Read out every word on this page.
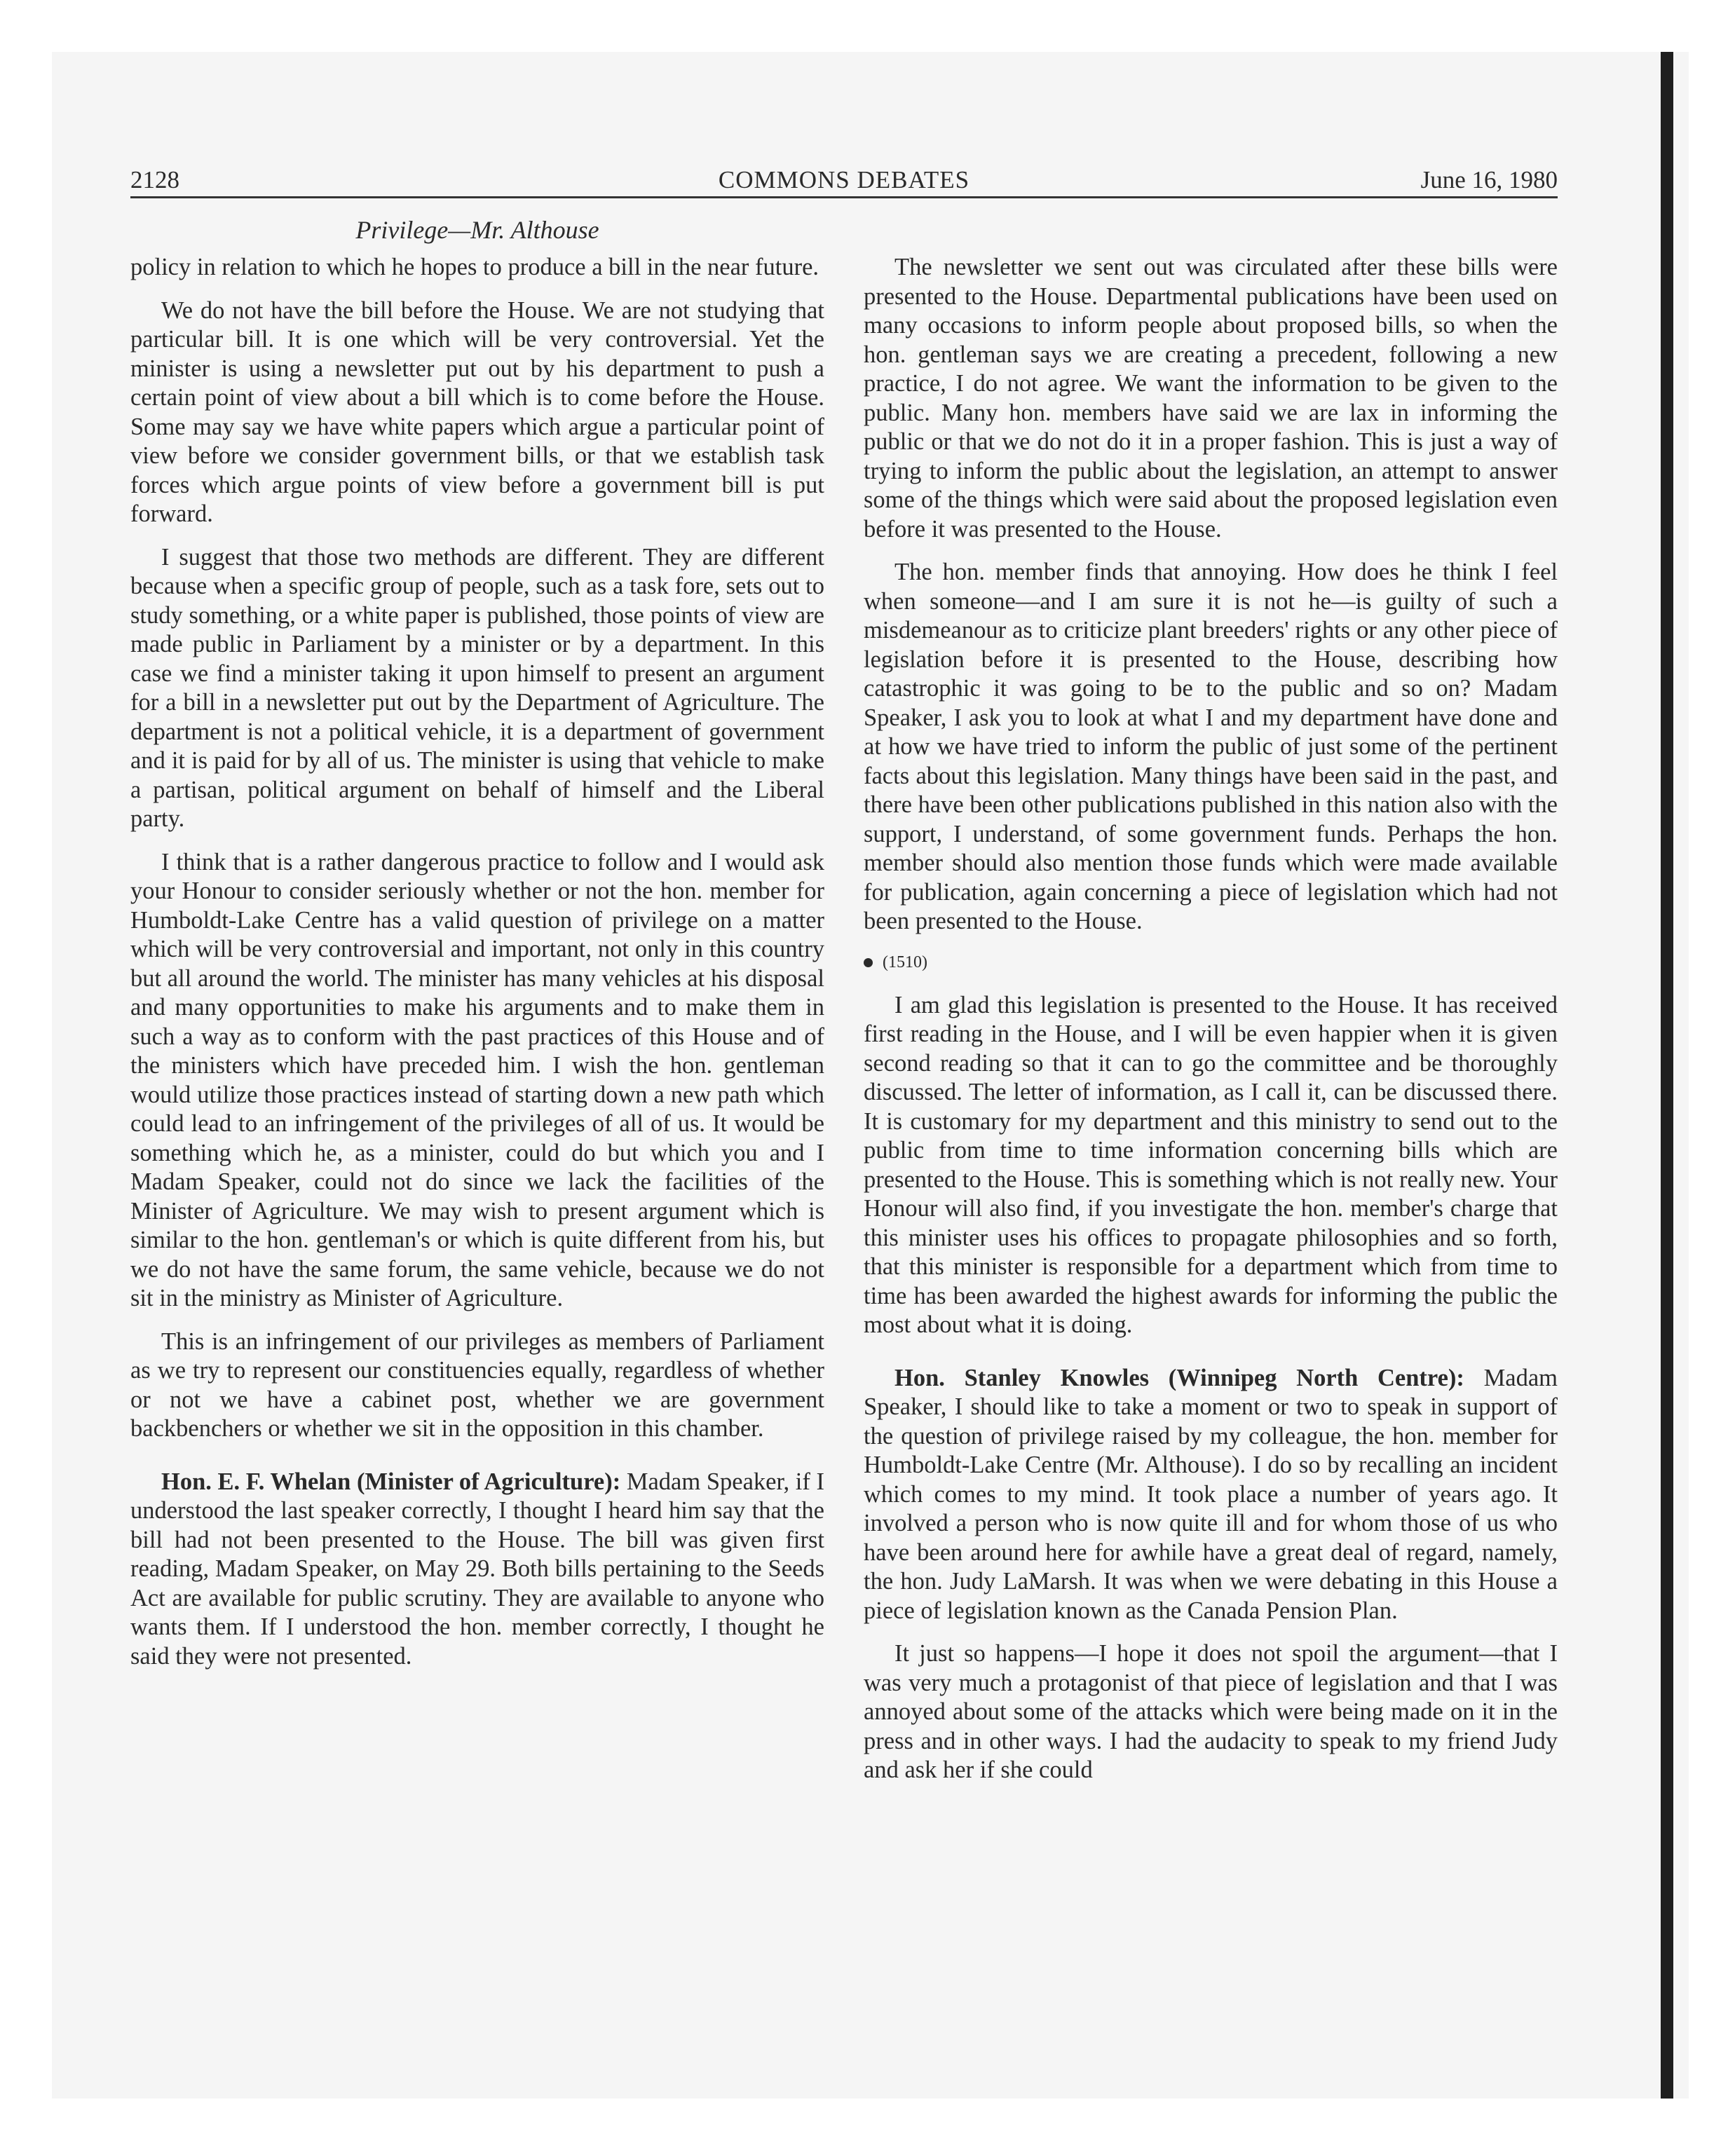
2128	COMMONS DEBATES	June 16, 1980
Privilege—Mr. Althouse

policy in relation to which he hopes to produce a bill in the near future.

We do not have the bill before the House. We are not studying that particular bill. It is one which will be very controversial. Yet the minister is using a newsletter put out by his department to push a certain point of view about a bill which is to come before the House. Some may say we have white papers which argue a particular point of view before we consider government bills, or that we establish task forces which argue points of view before a government bill is put forward.

I suggest that those two methods are different. They are different because when a specific group of people, such as a task fore, sets out to study something, or a white paper is published, those points of view are made public in Parliament by a minister or by a department. In this case we find a minister taking it upon himself to present an argument for a bill in a newsletter put out by the Department of Agriculture. The department is not a political vehicle, it is a department of government and it is paid for by all of us. The minister is using that vehicle to make a partisan, political argument on behalf of himself and the Liberal party.

I think that is a rather dangerous practice to follow and I would ask your Honour to consider seriously whether or not the hon. member for Humboldt-Lake Centre has a valid question of privilege on a matter which will be very controversial and important, not only in this country but all around the world. The minister has many vehicles at his disposal and many opportunities to make his arguments and to make them in such a way as to conform with the past practices of this House and of the ministers which have preceded him. I wish the hon. gentleman would utilize those practices instead of starting down a new path which could lead to an infringement of the privileges of all of us. It would be something which he, as a minister, could do but which you and I Madam Speaker, could not do since we lack the facilities of the Minister of Agriculture. We may wish to present argument which is similar to the hon. gentleman's or which is quite different from his, but we do not have the same forum, the same vehicle, because we do not sit in the ministry as Minister of Agriculture.

This is an infringement of our privileges as members of Parliament as we try to represent our constituencies equally, regardless of whether or not we have a cabinet post, whether we are government backbenchers or whether we sit in the opposition in this chamber.

Hon. E. F. Whelan (Minister of Agriculture): Madam Speaker, if I understood the last speaker correctly, I thought I heard him say that the bill had not been presented to the House. The bill was given first reading, Madam Speaker, on May 29. Both bills pertaining to the Seeds Act are available for public scrutiny. They are available to anyone who wants them. If I understood the hon. member correctly, I thought he said they were not presented.

The newsletter we sent out was circulated after these bills were presented to the House. Departmental publications have been used on many occasions to inform people about proposed bills, so when the hon. gentleman says we are creating a precedent, following a new practice, I do not agree. We want the information to be given to the public. Many hon. members have said we are lax in informing the public or that we do not do it in a proper fashion. This is just a way of trying to inform the public about the legislation, an attempt to answer some of the things which were said about the proposed legislation even before it was presented to the House.

The hon. member finds that annoying. How does he think I feel when someone—and I am sure it is not he—is guilty of such a misdemeanour as to criticize plant breeders' rights or any other piece of legislation before it is presented to the House, describing how catastrophic it was going to be to the public and so on? Madam Speaker, I ask you to look at what I and my department have done and at how we have tried to inform the public of just some of the pertinent facts about this legislation. Many things have been said in the past, and there have been other publications published in this nation also with the support, I understand, of some government funds. Perhaps the hon. member should also mention those funds which were made available for publication, again concerning a piece of legislation which had not been presented to the House.

(1510)

I am glad this legislation is presented to the House. It has received first reading in the House, and I will be even happier when it is given second reading so that it can to go the committee and be thoroughly discussed. The letter of information, as I call it, can be discussed there. It is customary for my department and this ministry to send out to the public from time to time information concerning bills which are presented to the House. This is something which is not really new. Your Honour will also find, if you investigate the hon. member's charge that this minister uses his offices to propagate philosophies and so forth, that this minister is responsible for a department which from time to time has been awarded the highest awards for informing the public the most about what it is doing.

Hon. Stanley Knowles (Winnipeg North Centre): Madam Speaker, I should like to take a moment or two to speak in support of the question of privilege raised by my colleague, the hon. member for Humboldt-Lake Centre (Mr. Althouse). I do so by recalling an incident which comes to my mind. It took place a number of years ago. It involved a person who is now quite ill and for whom those of us who have been around here for awhile have a great deal of regard, namely, the hon. Judy LaMarsh. It was when we were debating in this House a piece of legislation known as the Canada Pension Plan.

It just so happens—I hope it does not spoil the argument—that I was very much a protagonist of that piece of legislation and that I was annoyed about some of the attacks which were being made on it in the press and in other ways. I had the audacity to speak to my friend Judy and ask her if she could
